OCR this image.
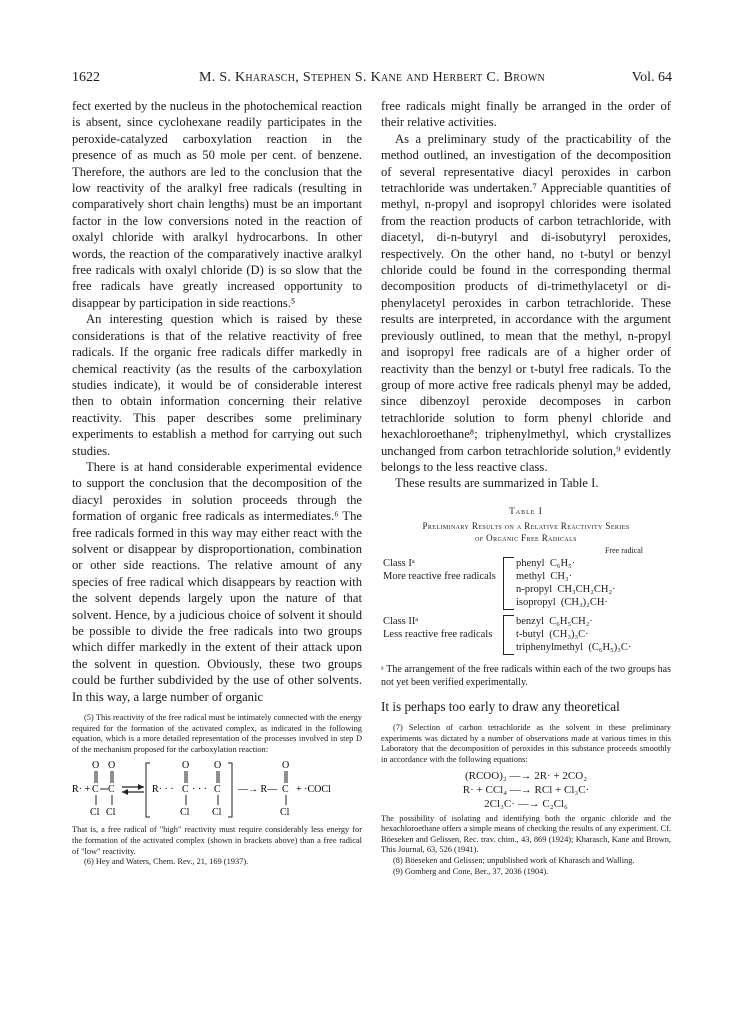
1622	M. S. Kharasch, Stephen S. Kane and Herbert C. Brown	Vol. 64

fect exerted by the nucleus in the photochemical reaction is absent, since cyclohexane readily participates in the peroxide-catalyzed carboxylation reaction in the presence of as much as 50 mole per cent. of benzene. Therefore, the authors are led to the conclusion that the low reactivity of the aralkyl free radicals (resulting in comparatively short chain lengths) must be an important factor in the low conversions noted in the reaction of oxalyl chloride with aralkyl hydrocarbons. In other words, the reaction of the comparatively inactive aralkyl free radicals with oxalyl chloride (D) is so slow that the free radicals have greatly increased opportunity to disappear by participation in side reactions.⁵

An interesting question which is raised by these considerations is that of the relative reactivity of free radicals. If the organic free radicals differ markedly in chemical reactivity (as the results of the carboxylation studies indicate), it would be of considerable interest then to obtain information concerning their relative reactivity. This paper describes some preliminary experiments to establish a method for carrying out such studies.

There is at hand considerable experimental evidence to support the conclusion that the decomposition of the diacyl peroxides in solution proceeds through the formation of organic free radicals as intermediates.⁶ The free radicals formed in this way may either react with the solvent or disappear by disproportionation, combination or other side reactions. The relative amount of any species of free radical which disappears by reaction with the solvent depends largely upon the nature of that solvent. Hence, by a judicious choice of solvent it should be possible to divide the free radicals into two groups which differ markedly in the extent of their attack upon the solvent in question. Obviously, these two groups could be further subdivided by the use of other solvents. In this way, a large number of organic

(5) This reactivity of the free radical must be intimately connected with the energy required for the formation of the activated complex, as indicated in the following equation, which is a more detailed representation of the processes involved in step D of the mechanism proposed for the carboxylation reaction:

R· +
O O
C C
Cl Cl
R· · ·
O O
C · · · C
Cl Cl
—→ R—
O
C
Cl
+ ·COCl

That is, a free radical of "high" reactivity must require considerably less energy for the formation of the activated complex (shown in brackets above) than a free radical of "low" reactivity.

(6) Hey and Waters, Chem. Rev., 21, 169 (1937).

free radicals might finally be arranged in the order of their relative activities.

As a preliminary study of the practicability of the method outlined, an investigation of the decomposition of several representative diacyl peroxides in carbon tetrachloride was undertaken.⁷ Appreciable quantities of methyl, n-propyl and isopropyl chlorides were isolated from the reaction products of carbon tetrachloride, with diacetyl, di-n-butyryl and di-isobutyryl peroxides, respectively. On the other hand, no t-butyl or benzyl chloride could be found in the corresponding thermal decomposition products of di-trimethylacetyl or di-phenylacetyl peroxides in carbon tetrachloride. These results are interpreted, in accordance with the argument previously outlined, to mean that the methyl, n-propyl and isopropyl free radicals are of a higher order of reactivity than the benzyl or t-butyl free radicals. To the group of more active free radicals phenyl may be added, since dibenzoyl peroxide decomposes in carbon tetrachloride solution to form phenyl chloride and hexachloroethane⁸; triphenylmethyl, which crystallizes unchanged from carbon tetrachloride solution,⁹ evidently belongs to the less reactive class.

These results are summarized in Table I.

Table I
Preliminary Results on a Relative Reactivity Series
of Organic Free Radicals
Free radical
Class Iᵃ		phenyl C₆H₅·
More reactive free radicals		methyl CH₃·
		n-propyl CH₃CH₂CH₂·
		isopropyl (CH₃)₂CH·

Class IIᵃ		benzyl C₆H₅CH₂·
Less reactive free radicals		t-butyl (CH₃)₃C·
		triphenylmethyl (C₆H₅)₃C·
ᵃ The arrangement of the free radicals within each of the two groups has not yet been verified experimentally.

It is perhaps too early to draw any theoretical

(7) Selection of carbon tetrachloride as the solvent in these preliminary experiments was dictated by a number of observations made at various times in this Laboratory that the decomposition of peroxides in this substance proceeds smoothly in accordance with the following equations:

(RCOO)₂ —→ 2R· + 2CO₂
R· + CCl₄ —→ RCl + Cl₃C·
2Cl₃C· —→ C₂Cl₆

The possibility of isolating and identifying both the organic chloride and the hexachloroethane offers a simple means of checking the results of any experiment. Cf. Böeseken and Gelissen, Rec. trav. chim., 43, 869 (1924); Kharasch, Kane and Brown, This Journal, 63, 526 (1941).

(8) Böeseken and Gelissen; unpublished work of Kharasch and Walling.

(9) Gomberg and Cone, Ber., 37, 2036 (1904).
